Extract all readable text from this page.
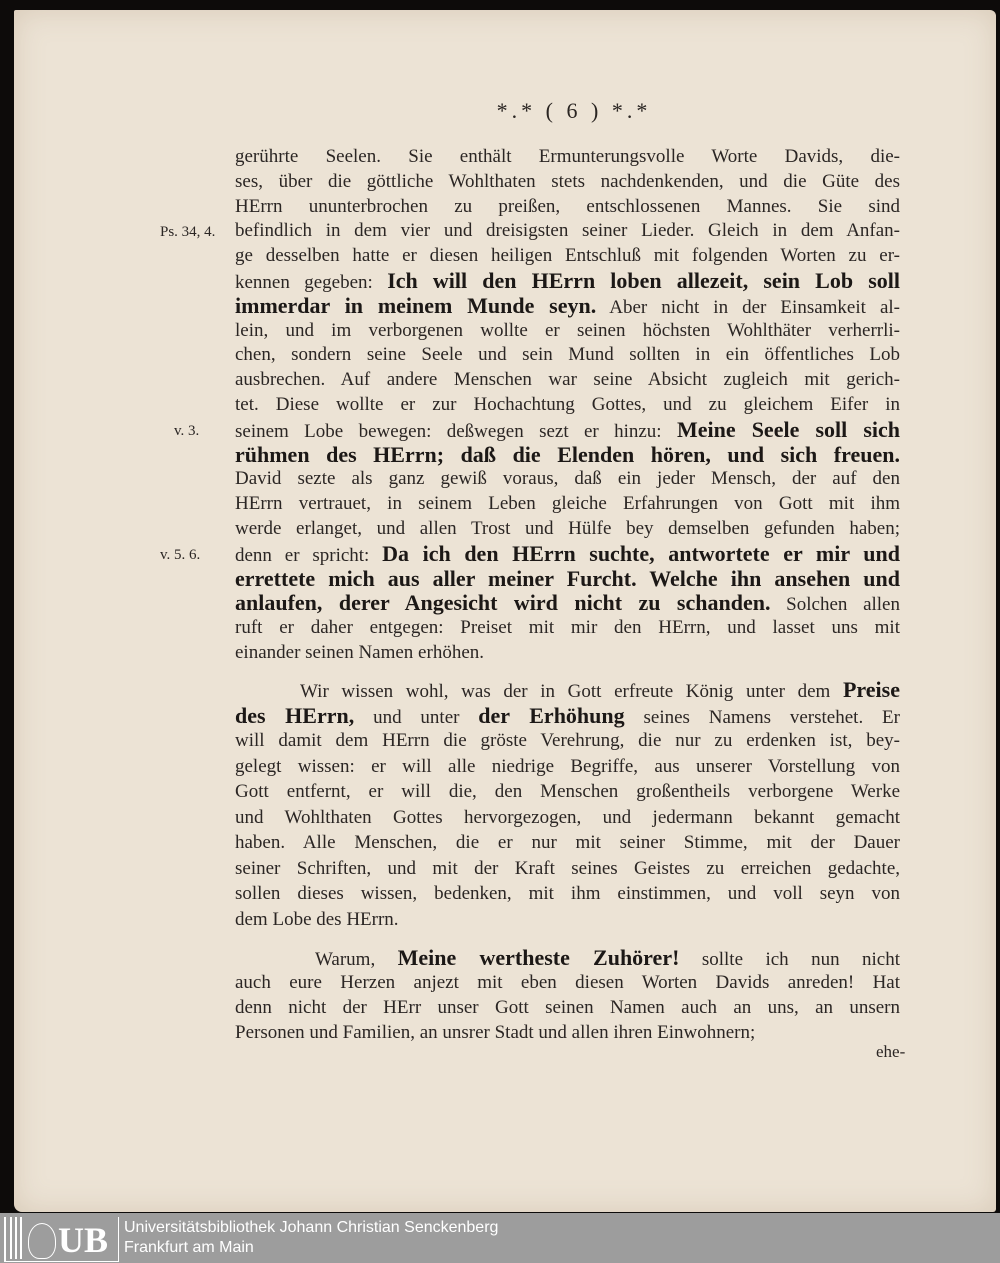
*.* ( 6 ) *.*
gerührte Seelen. Sie enthält Ermunterungsvolle Worte Davids, die-
ses, über die göttliche Wohlthaten stets nachdenkenden, und die Güte des
HErrn ununterbrochen zu preißen, entschlossenen Mannes. Sie sind
befindlich in dem vier und dreisigsten seiner Lieder. Gleich in dem Anfan-
ge desselben hatte er diesen heiligen Entschluß mit folgenden Worten zu er-
kennen gegeben: Ich will den HErrn loben allezeit, sein Lob soll
immerdar in meinem Munde seyn. Aber nicht in der Einsamkeit al-
lein, und im verborgenen wollte er seinen höchsten Wohlthäter verherrli-
chen, sondern seine Seele und sein Mund sollten in ein öffentliches Lob
ausbrechen. Auf andere Menschen war seine Absicht zugleich mit gerich-
tet. Diese wollte er zur Hochachtung Gottes, und zu gleichem Eifer in
seinem Lobe bewegen: deßwegen sezt er hinzu: Meine Seele soll sich
rühmen des HErrn; daß die Elenden hören, und sich freuen.
David sezte als ganz gewiß voraus, daß ein jeder Mensch, der auf den
HErrn vertrauet, in seinem Leben gleiche Erfahrungen von Gott mit ihm
werde erlanget, und allen Trost und Hülfe bey demselben gefunden haben;
denn er spricht: Da ich den HErrn suchte, antwortete er mir und
errettete mich aus aller meiner Furcht. Welche ihn ansehen und
anlaufen, derer Angesicht wird nicht zu schanden. Solchen allen
ruft er daher entgegen: Preiset mit mir den HErrn, und lasset uns mit
einander seinen Namen erhöhen.
Wir wissen wohl, was der in Gott erfreute König unter dem Preise
des HErrn, und unter der Erhöhung seines Namens verstehet. Er
will damit dem HErrn die gröste Verehrung, die nur zu erdenken ist, bey-
gelegt wissen: er will alle niedrige Begriffe, aus unserer Vorstellung von
Gott entfernt, er will die, den Menschen großentheils verborgene Werke
und Wohlthaten Gottes hervorgezogen, und jedermann bekannt gemacht
haben. Alle Menschen, die er nur mit seiner Stimme, mit der Dauer
seiner Schriften, und mit der Kraft seines Geistes zu erreichen gedachte,
sollen dieses wissen, bedenken, mit ihm einstimmen, und voll seyn von
dem Lobe des HErrn.
Warum, Meine wertheste Zuhörer! sollte ich nun nicht
auch eure Herzen anjezt mit eben diesen Worten Davids anreden! Hat
denn nicht der HErr unser Gott seinen Namen auch an uns, an unsern
Personen und Familien, an unsrer Stadt und allen ihren Einwohnern;
Ps. 34, 4.
v. 3.
v. 5. 6.
ehe-
UB Universitätsbibliothek Johann Christian Senckenberg
Frankfurt am Main
